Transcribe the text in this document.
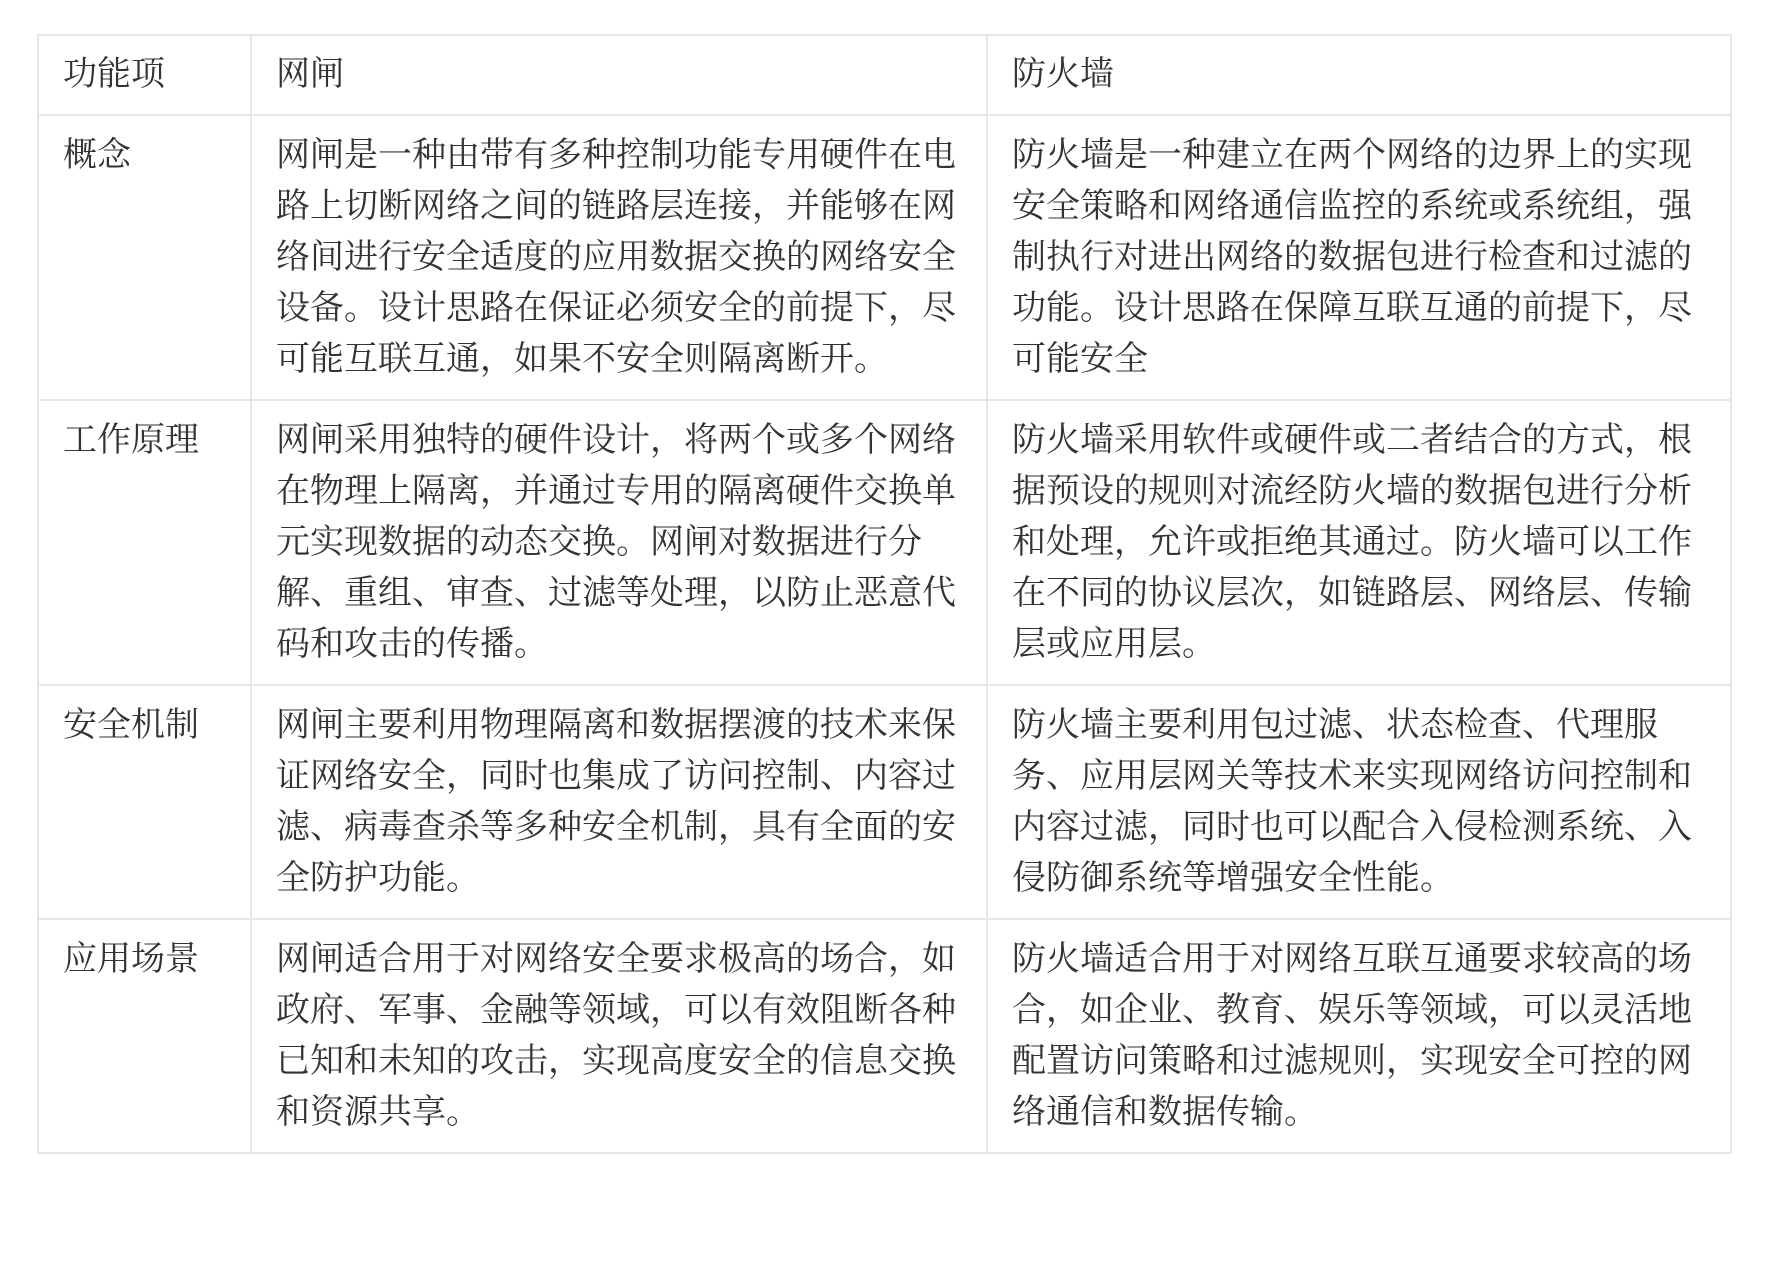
功能项	网闸	防火墙
概念	网闸是一种由带有多种控制功能专用硬件在电路上切断网络之间的链路层连接，并能够在网络间进行安全适度的应用数据交换的网络安全设备。设计思路在保证必须安全的前提下，尽可能互联互通，如果不安全则隔离断开。	防火墙是一种建立在两个网络的边界上的实现安全策略和网络通信监控的系统或系统组，强制执行对进出网络的数据包进行检查和过滤的功能。设计思路在保障互联互通的前提下，尽可能安全
工作原理	网闸采用独特的硬件设计，将两个或多个网络在物理上隔离，并通过专用的隔离硬件交换单元实现数据的动态交换。网闸对数据进行分解、重组、审查、过滤等处理，以防止恶意代码和攻击的传播。	防火墙采用软件或硬件或二者结合的方式，根据预设的规则对流经防火墙的数据包进行分析和处理，允许或拒绝其通过。防火墙可以工作在不同的协议层次，如链路层、网络层、传输层或应用层。
安全机制	网闸主要利用物理隔离和数据摆渡的技术来保证网络安全，同时也集成了访问控制、内容过滤、病毒查杀等多种安全机制，具有全面的安全防护功能。	防火墙主要利用包过滤、状态检查、代理服务、应用层网关等技术来实现网络访问控制和内容过滤，同时也可以配合入侵检测系统、入侵防御系统等增强安全性能。
应用场景	网闸适合用于对网络安全要求极高的场合，如政府、军事、金融等领域，可以有效阻断各种已知和未知的攻击，实现高度安全的信息交换和资源共享。	防火墙适合用于对网络互联互通要求较高的场合，如企业、教育、娱乐等领域，可以灵活地配置访问策略和过滤规则，实现安全可控的网络通信和数据传输。
